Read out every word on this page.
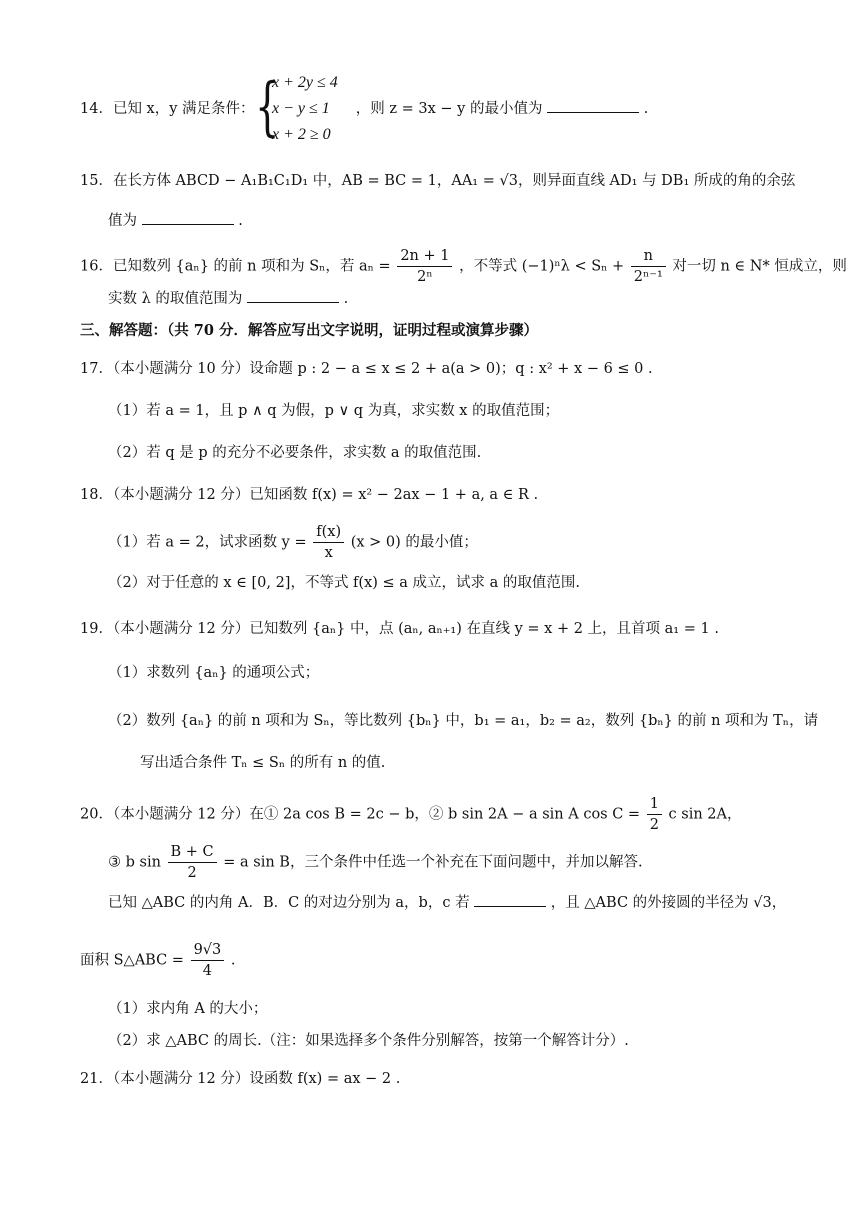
14．已知 x，y 满足条件：	，则 z = 3x − y 的最小值为	.
{
x + 2y ≤ 4
x − y ≤ 1
x + 2 ≥ 0
15．在长方体 ABCD − A₁B₁C₁D₁ 中，AB = BC = 1，AA₁ = √3，则异面直线 AD₁ 与 DB₁ 所成的角的余弦
值为	.
16．已知数列 {aₙ} 的前 n 项和为 Sₙ，若 $a_n = \frac{2n + 1}{\text{2ⁿ}}$ ，不等式 $(-1)^n\lambda < S_n + \frac{n}{\text{2ⁿ⁻¹}}$ 对一切 n ∈ N* 恒成立，则
实数 λ 的取值范围为	.
三、解答题：（共 70 分．解答应写出文字说明，证明过程或演算步骤）
17．（本小题满分 10 分）设命题 p : 2 − a ≤ x ≤ 2 + a(a > 0)；q : x² + x − 6 ≤ 0 .
（1）若 a = 1，且 p ∧ q 为假，p ∨ q 为真，求实数 x 的取值范围；
（2）若 q 是 p 的充分不必要条件，求实数 a 的取值范围.
18．（本小题满分 12 分）已知函数 f(x) = x² − 2ax − 1 + a, a ∈ R .
（1）若 a = 2，试求函数 $y = \frac{f(x)}{x} (x > 0)$ 的最小值；
（2）对于任意的 x ∈ [0, 2]，不等式 f(x) ≤ a 成立，试求 a 的取值范围.
19．（本小题满分 12 分）已知数列 {aₙ} 中，点 (aₙ, aₙ₊₁) 在直线 y = x + 2 上，且首项 a₁ = 1 .
（1）求数列 {aₙ} 的通项公式；
（2）数列 {aₙ} 的前 n 项和为 Sₙ，等比数列 {bₙ} 中，b₁ = a₁，b₂ = a₂，数列 {bₙ} 的前 n 项和为 Tₙ，请
写出适合条件 Tₙ ≤ Sₙ 的所有 n 的值.
20．（本小题满分 12 分）在① 2a cos B = 2c − b，② b sin 2A − a sin A $\cos C = \frac{1}{2}$ c sin 2A，
③ b $\sin \frac{B + C}{2} = a$ sin B，三个条件中任选一个补充在下面问题中，并加以解答.
已知 △ABC 的内角 A．B．C 的对边分别为 a，b，c 若	，且 △ABC 的外接圆的半径为 √3，
面积 S△ABC = $\frac{9√3}{4}$ .
（1）求内角 A 的大小；
（2）求 △ABC 的周长.（注：如果选择多个条件分别解答，按第一个解答计分）.
21．（本小题满分 12 分）设函数 f(x) = ax − 2 .
